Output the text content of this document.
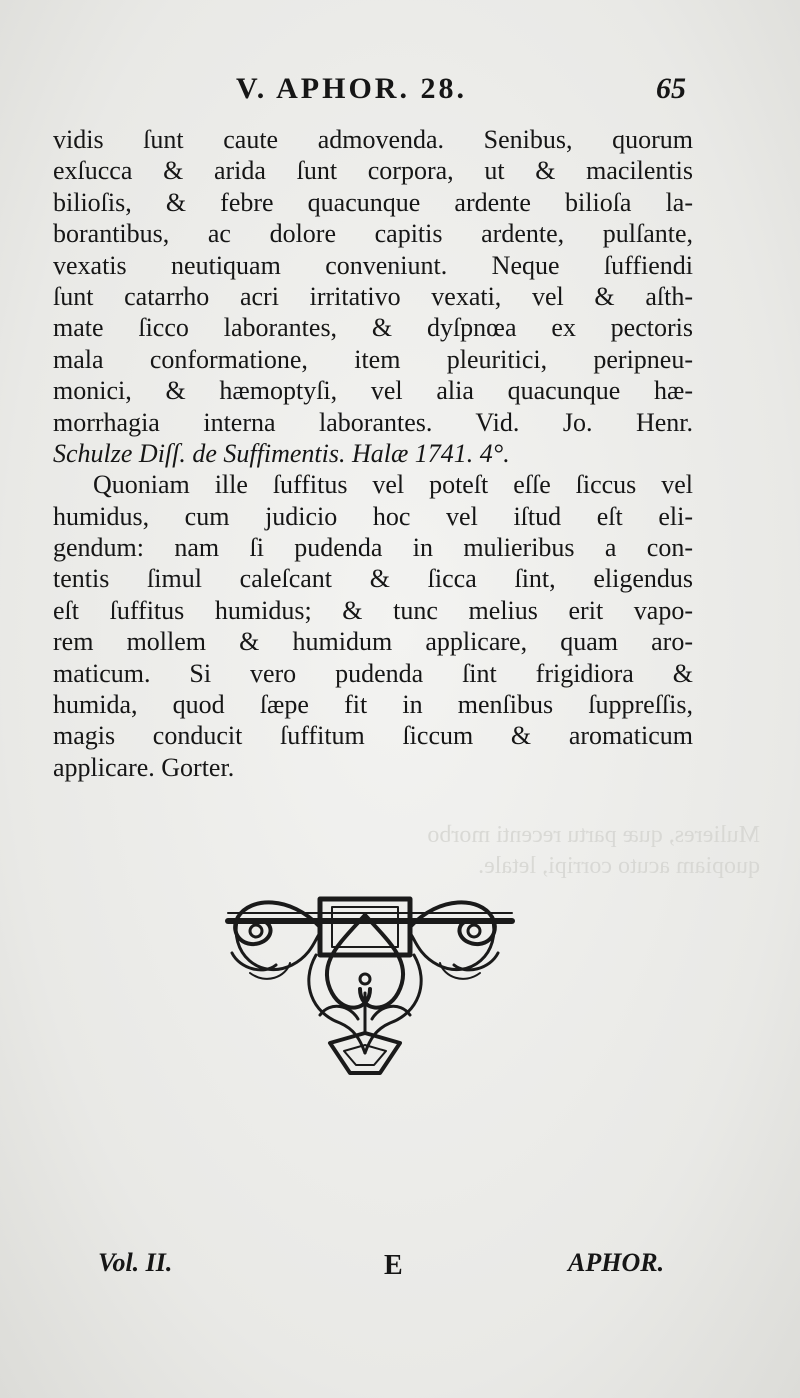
Mulieres, quæ partu recenti morbo
quopiam acuto corripi, letale.
V. APHOR. 28.	65
vidis ſunt caute admovenda. Senibus, quorum
exſucca & arida ſunt corpora, ut & macilentis
bilioſis, & febre quacunque ardente bilioſa la-
borantibus, ac dolore capitis ardente, pulſante,
vexatis neutiquam conveniunt. Neque ſuffiendi
ſunt catarrho acri irritativo vexati, vel & aſth-
mate ſicco laborantes, & dyſpnœa ex pectoris
mala conformatione, item pleuritici, peripneu-
monici, & hæmoptyſi, vel alia quacunque hæ-
morrhagia interna laborantes. Vid. Jo. Henr.
Schulze Diſſ. de Suffimentis. Halæ 1741. 4°.
Quoniam ille ſuffitus vel poteſt eſſe ſiccus vel
humidus, cum judicio hoc vel iſtud eſt eli-
gendum: nam ſi pudenda in mulieribus a con-
tentis ſimul caleſcant & ſicca ſint, eligendus
eſt ſuffitus humidus; & tunc melius erit vapo-
rem mollem & humidum applicare, quam aro-
maticum. Si vero pudenda ſint frigidiora &
humida, quod ſæpe fit in menſibus ſuppreſſis,
magis conducit ſuffitum ſiccum & aromaticum
applicare. Gorter.
Vol. II.	E	APHOR.
